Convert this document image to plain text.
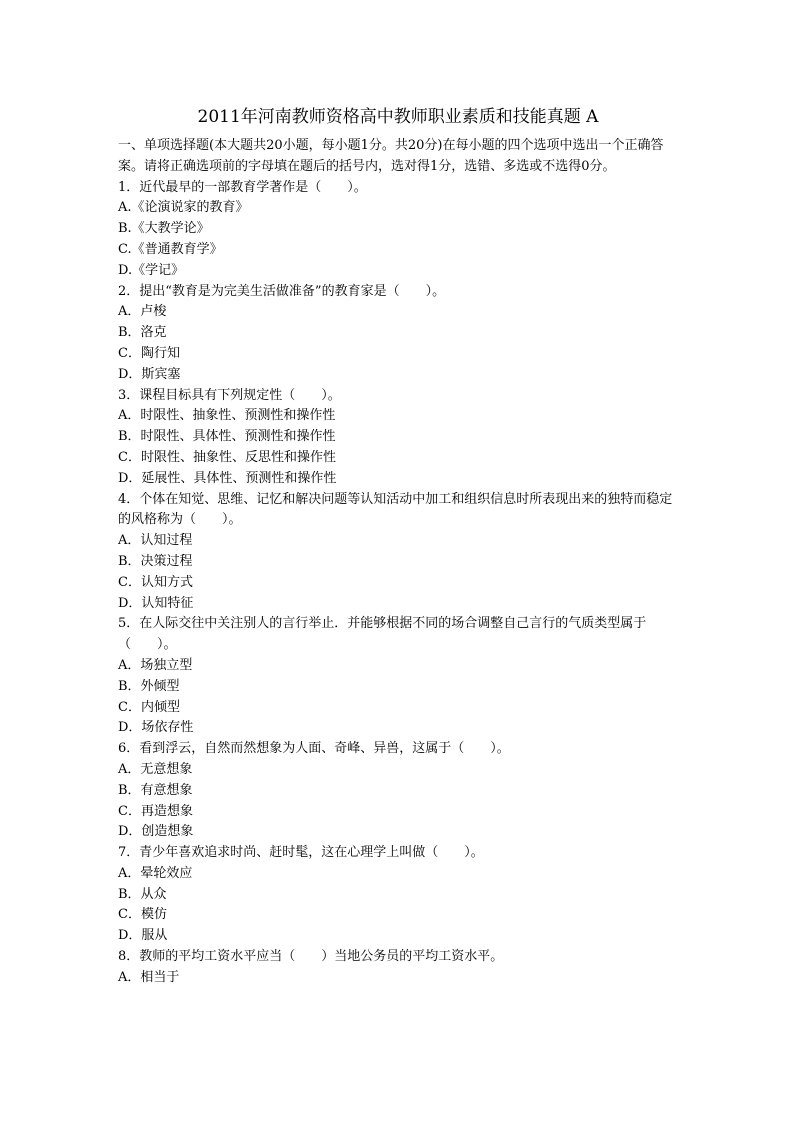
2011年河南教师资格高中教师职业素质和技能真题 A

一、单项选择题(本大题共20小题，每小题1分。共20分)在每小题的四个选项中选出一个正确答案。请将正确选项前的字母填在题后的括号内，选对得1分，选错、多选或不选得0分。

1．近代最早的一部教育学著作是（　　）。

A.《论演说家的教育》

B.《大教学论》

C.《普通教育学》

D.《学记》

2．提出“教育是为完美生活做准备”的教育家是（　　）。

A．卢梭

B．洛克

C．陶行知

D．斯宾塞

3．课程目标具有下列规定性（　　）。

A．时限性、抽象性、预测性和操作性

B．时限性、具体性、预测性和操作性

C．时限性、抽象性、反思性和操作性

D．延展性、具体性、预测性和操作性

4．个体在知觉、思维、记忆和解决问题等认知活动中加工和组织信息时所表现出来的独特而稳定的风格称为（　　）。

A．认知过程

B．决策过程

C．认知方式

D．认知特征

5．在人际交往中关注别人的言行举止．并能够根据不同的场合调整自己言行的气质类型属于（　　）。

A．场独立型

B．外倾型

C．内倾型

D．场依存性

6．看到浮云，自然而然想象为人面、奇峰、异兽，这属于（　　）。

A．无意想象

B．有意想象

C．再造想象

D．创造想象

7．青少年喜欢追求时尚、赶时髦，这在心理学上叫做（　　）。

A．晕轮效应

B．从众

C．模仿

D．服从

8．教师的平均工资水平应当（　　）当地公务员的平均工资水平。

A．相当于
